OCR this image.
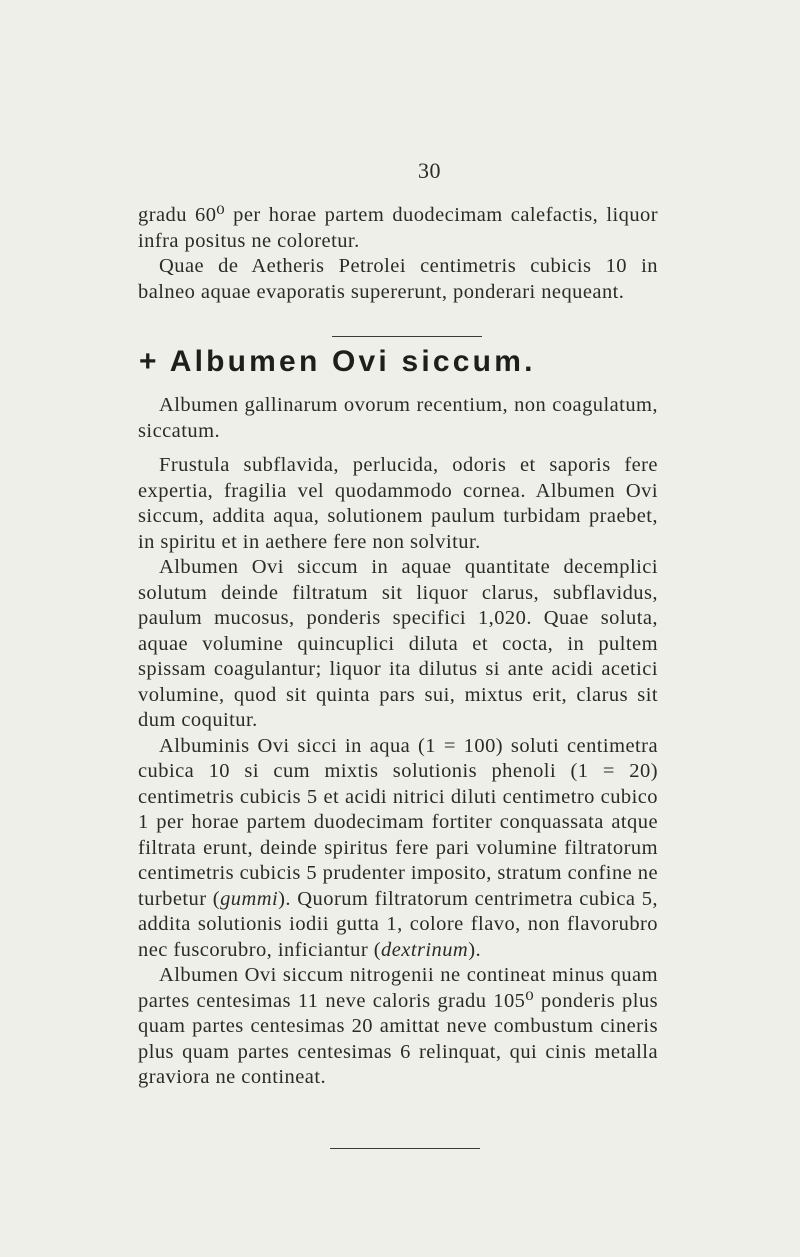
30

gradu 60⁰ per horae partem duodecimam calefactis, liquor infra positus ne coloretur.

Quae de Aetheris Petrolei centimetris cubicis 10 in balneo aquae evaporatis supererunt, ponderari nequeant.

+ Albumen Ovi siccum.

Albumen gallinarum ovorum recentium, non coagulatum, siccatum.

Frustula subflavida, perlucida, odoris et saporis fere expertia, fragilia vel quodammodo cornea. Albumen Ovi siccum, addita aqua, solutionem paulum turbidam praebet, in spiritu et in aethere fere non solvitur.

Albumen Ovi siccum in aquae quantitate decemplici solutum deinde filtratum sit liquor clarus, subflavidus, paulum mucosus, ponderis specifici 1,020. Quae soluta, aquae volumine quincuplici diluta et cocta, in pultem spissam coagulantur; liquor ita dilutus si ante acidi acetici volumine, quod sit quinta pars sui, mixtus erit, clarus sit dum coquitur.

Albuminis Ovi sicci in aqua (1 = 100) soluti centimetra cubica 10 si cum mixtis solutionis phenoli (1 = 20) centimetris cubicis 5 et acidi nitrici diluti centimetro cubico 1 per horae partem duodecimam fortiter conquassata atque filtrata erunt, deinde spiritus fere pari volumine filtratorum centimetris cubicis 5 prudenter imposito, stratum confine ne turbetur (gummi). Quorum filtratorum centrimetra cubica 5, addita solutionis iodii gutta 1, colore flavo, non flavorubro nec fuscorubro, inficiantur (dextrinum).

Albumen Ovi siccum nitrogenii ne contineat minus quam partes centesimas 11 neve caloris gradu 105⁰ ponderis plus quam partes centesimas 20 amittat neve combustum cineris plus quam partes centesimas 6 relinquat, qui cinis metalla graviora ne contineat.
